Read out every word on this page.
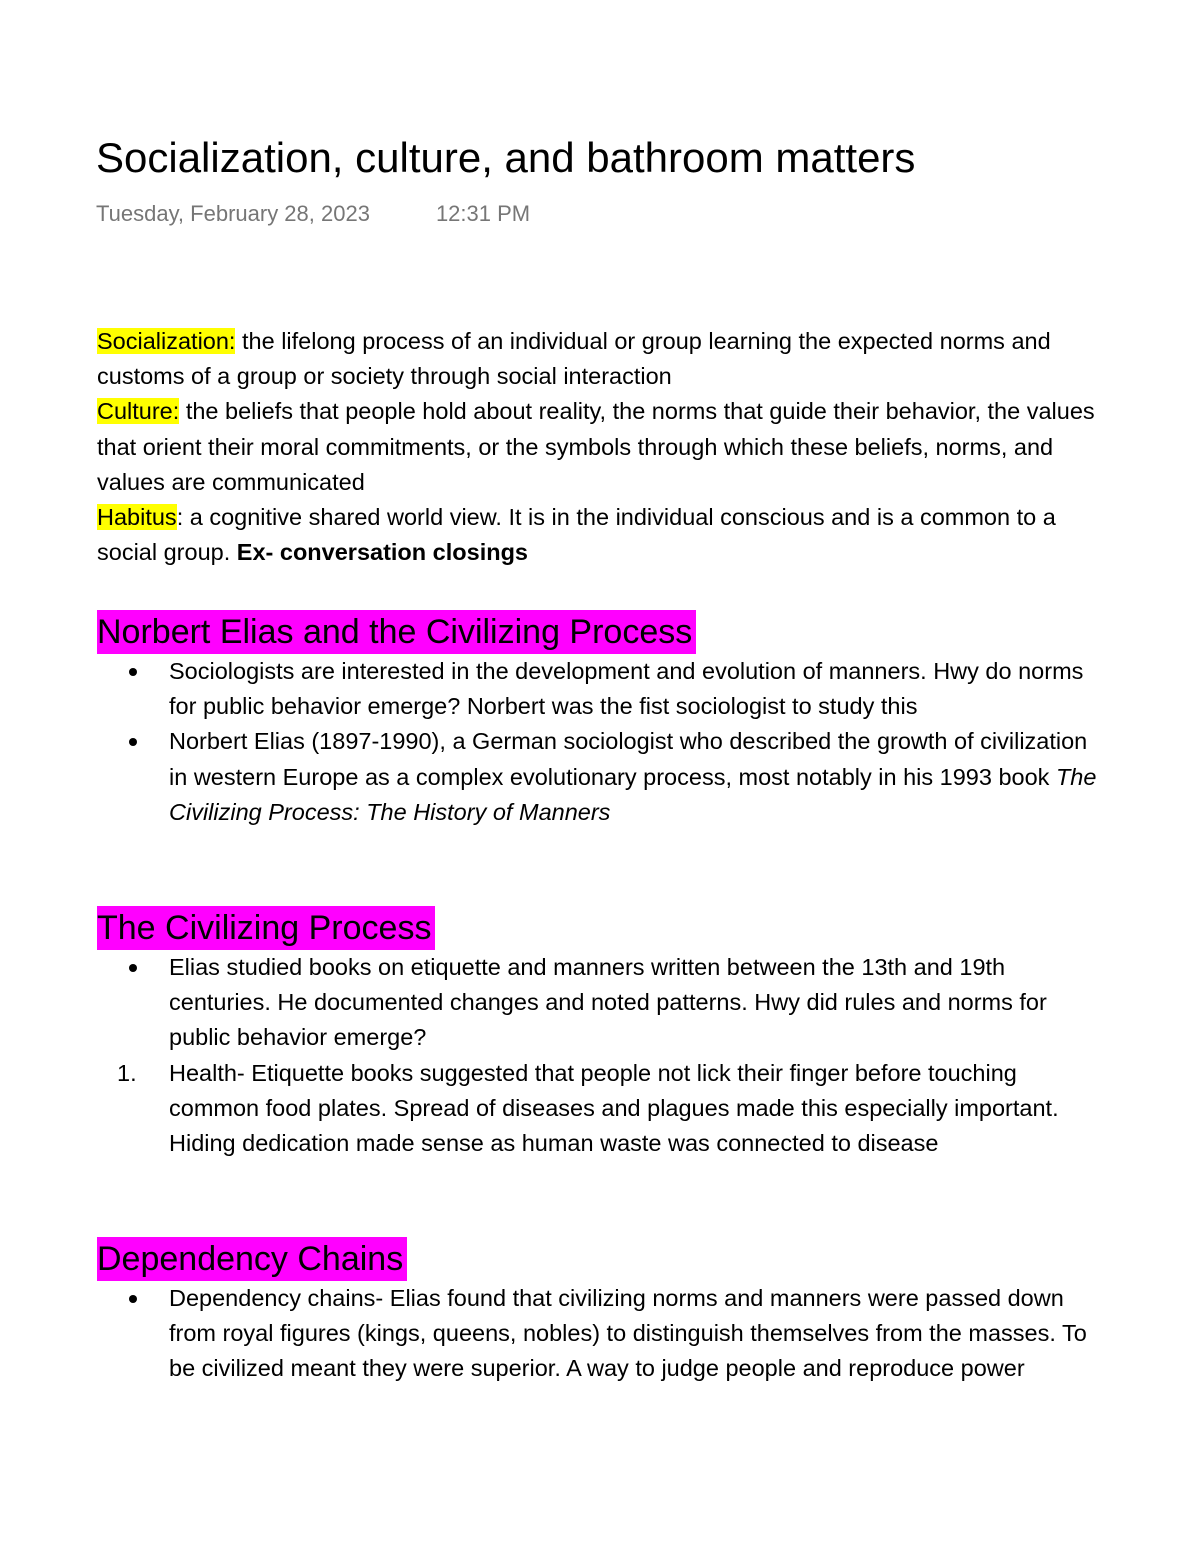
Socialization, culture, and bathroom matters
Tuesday, February 28, 2023	12:31 PM
Socialization: the lifelong process of an individual or group learning the expected norms and customs of a group or society through social interaction
Culture: the beliefs that people hold about reality, the norms that guide their behavior, the values that orient their moral commitments, or the symbols through which these beliefs, norms, and values are communicated
Habitus: a cognitive shared world view. It is in the individual conscious and is a common to a social group. Ex- conversation closings
Norbert Elias and the Civilizing Process
Sociologists are interested in the development and evolution of manners. Hwy do norms for public behavior emerge? Norbert was the fist sociologist to study this
Norbert Elias (1897-1990), a German sociologist who described the growth of civilization in western Europe as a complex evolutionary process, most notably in his 1993 book The Civilizing Process: The History of Manners
The Civilizing Process
Elias studied books on etiquette and manners written between the 13th and 19th centuries. He documented changes and noted patterns. Hwy did rules and norms for public behavior emerge?
1. Health- Etiquette books suggested that people not lick their finger before touching common food plates. Spread of diseases and plagues made this especially important. Hiding dedication made sense as human waste was connected to disease
Dependency Chains
Dependency chains- Elias found that civilizing norms and manners were passed down from royal figures (kings, queens, nobles) to distinguish themselves from the masses. To be civilized meant they were superior. A way to judge people and reproduce power
